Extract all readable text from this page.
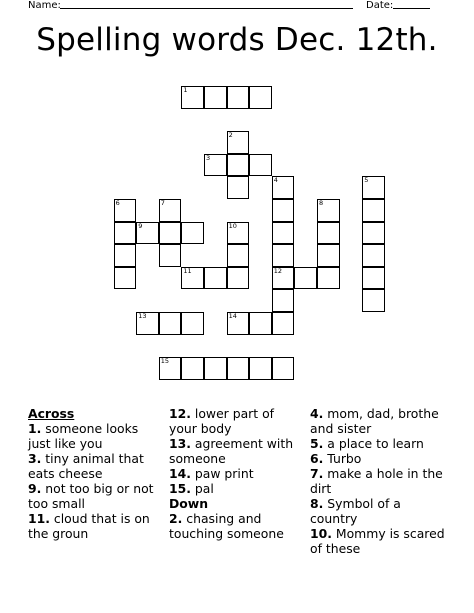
Name:	Date:
Spelling words Dec. 12th.
1
2
3
4	5
6	7	8
9	10
11	12
13	14
15
Across
1. someone looks just like you
3. tiny animal that eats cheese
9. not too big or not too small
11. cloud that is on the groun
12. lower part of your body
13. agreement with someone
14. paw print
15. pal
Down
2. chasing and touching someone
4. mom, dad, brothe and sister
5. a place to learn
6. Turbo
7. make a hole in the dirt
8. Symbol of a country
10. Mommy is scared of these
